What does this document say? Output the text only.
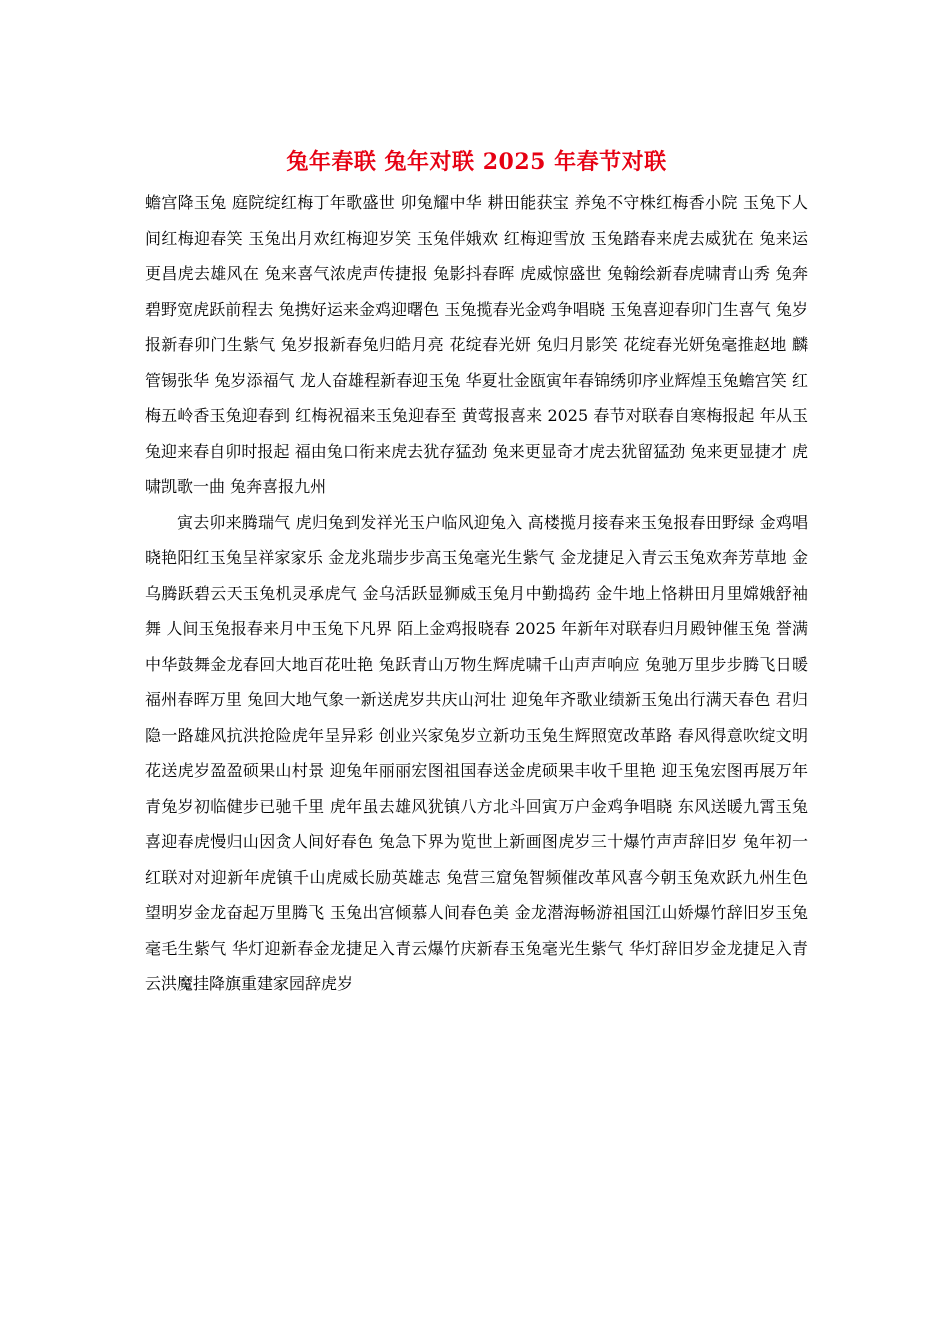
兔年春联 兔年对联 2025 年春节对联

蟾宫降玉兔 庭院绽红梅丁年歌盛世 卯兔耀中华 耕田能获宝 养兔不守株红梅香小院 玉兔下人间红梅迎春笑 玉兔出月欢红梅迎岁笑 玉兔伴娥欢 红梅迎雪放 玉兔踏春来虎去威犹在 兔来运更昌虎去雄风在 兔来喜气浓虎声传捷报 兔影抖春晖 虎威惊盛世 兔翰绘新春虎啸青山秀 兔奔碧野宽虎跃前程去 兔携好运来金鸡迎曙色 玉兔揽春光金鸡争唱晓 玉兔喜迎春卯门生喜气 兔岁报新春卯门生紫气 兔岁报新春兔归皓月亮 花绽春光妍 兔归月影笑 花绽春光妍兔毫推赵地 麟管锡张华 兔岁添福气 龙人奋雄程新春迎玉兔 华夏壮金瓯寅年春锦绣卯序业辉煌玉兔蟾宫笑 红梅五岭香玉兔迎春到 红梅祝福来玉兔迎春至 黄莺报喜来 2025 春节对联春自寒梅报起 年从玉兔迎来春自卯时报起 福由兔口衔来虎去犹存猛劲 兔来更显奇才虎去犹留猛劲 兔来更显捷才 虎啸凯歌一曲 兔奔喜报九州

寅去卯来腾瑞气 虎归兔到发祥光玉户临风迎兔入 高楼揽月接春来玉兔报春田野绿 金鸡唱晓艳阳红玉兔呈祥家家乐 金龙兆瑞步步高玉兔毫光生紫气 金龙捷足入青云玉兔欢奔芳草地 金乌腾跃碧云天玉兔机灵承虎气 金乌活跃显狮威玉兔月中勤捣药 金牛地上恪耕田月里嫦娥舒袖舞 人间玉兔报春来月中玉兔下凡界 陌上金鸡报晓春 2025 年新年对联春归月殿钟催玉兔 誉满中华鼓舞金龙春回大地百花吐艳 兔跃青山万物生辉虎啸千山声声响应 兔驰万里步步腾飞日暖福州春晖万里 兔回大地气象一新送虎岁共庆山河壮 迎兔年齐歌业绩新玉兔出行满天春色 君归隐一路雄风抗洪抢险虎年呈异彩 创业兴家兔岁立新功玉兔生辉照宽改革路 春风得意吹绽文明花送虎岁盈盈硕果山村景 迎兔年丽丽宏图祖国春送金虎硕果丰收千里艳 迎玉兔宏图再展万年青兔岁初临健步已驰千里 虎年虽去雄风犹镇八方北斗回寅万户金鸡争唱晓 东风送暖九霄玉兔喜迎春虎慢归山因贪人间好春色 兔急下界为览世上新画图虎岁三十爆竹声声辞旧岁 兔年初一红联对对迎新年虎镇千山虎威长励英雄志 兔营三窟兔智频催改革风喜今朝玉兔欢跃九州生色 望明岁金龙奋起万里腾飞 玉兔出宫倾慕人间春色美 金龙潜海畅游祖国江山娇爆竹辞旧岁玉兔毫毛生紫气 华灯迎新春金龙捷足入青云爆竹庆新春玉兔毫光生紫气 华灯辞旧岁金龙捷足入青云洪魔挂降旗重建家园辞虎岁
